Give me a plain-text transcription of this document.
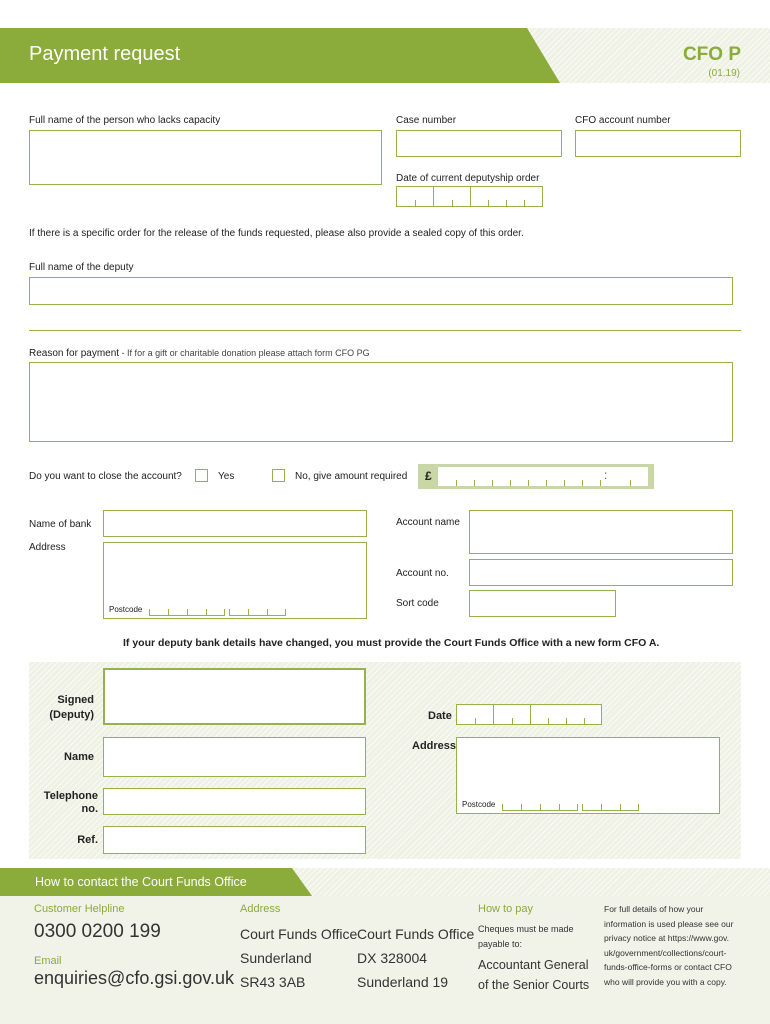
Payment request	CFO P
(01.19)
Full name of the person who lacks capacity	Case number	CFO account number
Date of current deputyship order
If there is a specific order for the release of the funds requested, please also provide a sealed copy of this order.
Full name of the deputy
Reason for payment - If for a gift or charitable donation please attach form CFO PG
Do you want to close the account?	Yes	No, give amount required £	:
Name of bank
Address
Postcode
Account name
Account no.
Sort code
If your deputy bank details have changed, you must provide the Court Funds Office with a new form CFO A.
Signed
(Deputy)	Date
Name
Address
Postcode
Telephone
no.
Ref.
How to contact the Court Funds Office
Customer Helpline
0300 0200 199
Email
enquiries@cfo.gsi.gov.uk
Address
Court Funds Office
Sunderland
SR43 3AB
Court Funds Office
DX 328004
Sunderland 19
How to pay
Cheques must be made
payable to:
Accountant General
of the Senior Courts
For full details of how your
information is used please see our
privacy notice at https://www.gov.
uk/government/collections/court-
funds-office-forms or contact CFO
who will provide you with a copy.
